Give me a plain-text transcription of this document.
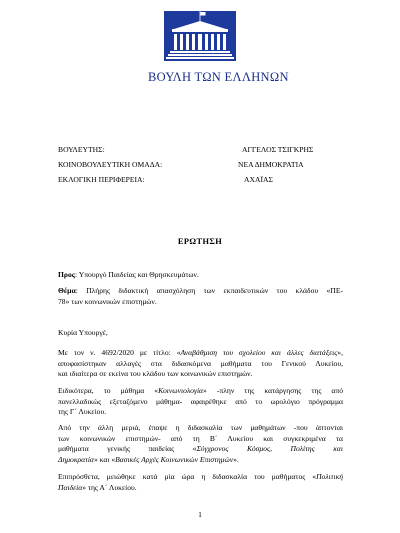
ΒΟΥΛΗ ΤΩΝ ΕΛΛΗΝΩΝ
ΒΟΥΛΕΥΤΗΣ:	ΑΓΓΕΛΟΣ ΤΣΙΓΚΡΗΣ
ΚΟΙΝΟΒΟΥΛΕΥΤΙΚΗ ΟΜΑΔΑ:	ΝΕΑ ΔΗΜΟΚΡΑΤΙΑ
ΕΚΛΟΓΙΚΗ ΠΕΡΙΦΕΡΕΙΑ:	ΑΧΑΪΑΣ
ΕΡΩΤΗΣΗ
Προς: Υπουργό Παιδείας και Θρησκευμάτων.
Θέμα: Πλήρης διδακτική απασχόληση των εκπαιδευτικών του κλάδου «ΠΕ-
78» των κοινωνικών επιστημών.
Κυρία Υπουργέ,
Με τον ν. 4692/2020 με τίτλο: «Αναβάθμιση του σχολείου και άλλες διατάξεις»,
αποφασίστηκαν αλλαγές στα διδασκόμενα μαθήματα του Γενικού Λυκείου,
και ιδιαίτερα σε εκείνα του κλάδου των κοινωνικών επιστημών.
Ειδικότερα, το μάθημα «Κοινωνιολογία» -πλην της κατάργησης της από
πανελλαδικώς εξεταζόμενο μάθημα- αφαιρέθηκε από το ωρολόγιο πρόγραμμα
της Γ΄ Λυκείου.
Από την άλλη μεριά, έπαψε η διδασκαλία των μαθημάτων -που άπτονται
των κοινωνικών επιστημών- από τη Β΄ Λυκείου και συγκεκριμένα τα
μαθήματα γενικής παιδείας «Σύγχρονος Κόσμος, Πολίτης και
Δημοκρατία» και «Βασικές Αρχές Κοινωνικών Επιστημών».
Επιπρόσθετα, μειώθηκε κατά μία ώρα η διδασκαλία του μαθήματος «Πολιτική
Παιδεία» της Α΄ Λυκείου.
1
